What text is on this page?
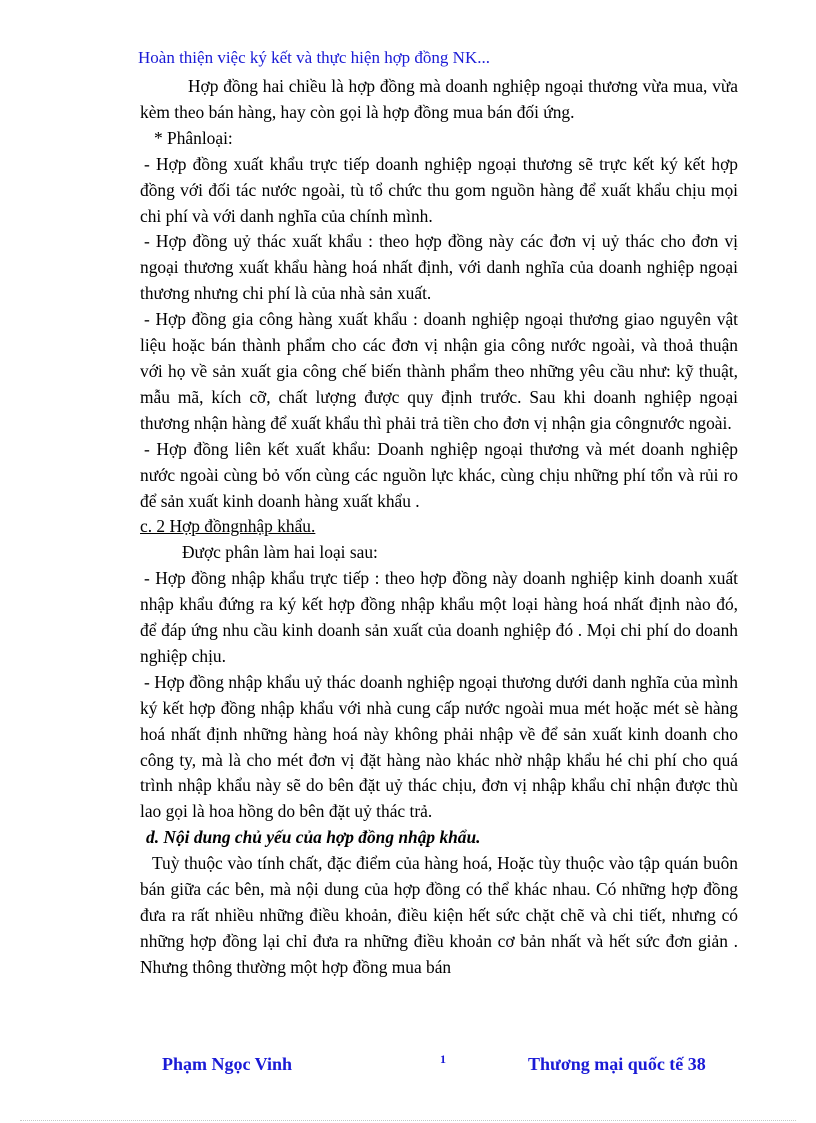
Hoàn thiện việc ký kết và thực hiện hợp đồng NK...

Hợp đồng hai chiều là hợp đồng mà doanh nghiệp ngoại thương vừa mua, vừa kèm theo bán hàng, hay còn gọi là hợp đồng mua bán đối ứng.

* Phânloại:

- Hợp đồng xuất khẩu trực tiếp doanh nghiệp ngoại thương sẽ trực kết ký kết hợp đồng với đối tác nước ngoài, tù tổ chức thu gom nguồn hàng để xuất khẩu chịu mọi chi phí và với danh nghĩa của chính mình.

- Hợp đồng uỷ thác xuất khẩu : theo hợp đồng này các đơn vị uỷ thác cho đơn vị ngoại thương xuất khẩu hàng hoá nhất định, với danh nghĩa của doanh nghiệp ngoại thương nhưng chi phí là của nhà sản xuất.

- Hợp đồng gia công hàng xuất khẩu : doanh nghiệp ngoại thương giao nguyên vật liệu hoặc bán thành phẩm cho các đơn vị nhận gia công nước ngoài, và thoả thuận với họ về sản xuất gia công chế biến thành phẩm theo những yêu cầu như: kỹ thuật, mẫu mã, kích cỡ, chất lượng được quy định trước. Sau khi doanh nghiệp ngoại thương nhận hàng để xuất khẩu thì phải trả tiền cho đơn vị nhận gia côngnước ngoài.

- Hợp đồng liên kết xuất khẩu: Doanh nghiệp ngoại thương và mét doanh nghiệp nước ngoài cùng bỏ vốn cùng các nguồn lực khác, cùng chịu những phí tổn và rủi ro để sản xuất kinh doanh hàng xuất khẩu .

c. 2 Hợp đồngnhập khẩu.

Được phân làm hai loại sau:

- Hợp đồng nhập khẩu trực tiếp : theo hợp đồng này doanh nghiệp kinh doanh xuất nhập khẩu đứng ra ký kết hợp đồng nhập khẩu một loại hàng hoá nhất định nào đó, để đáp ứng nhu cầu kinh doanh sản xuất của doanh nghiệp đó . Mọi chi phí do doanh nghiệp chịu.

- Hợp đồng nhập khẩu uỷ thác doanh nghiệp ngoại thương dưới danh nghĩa của mình ký kết hợp đồng nhập khẩu với nhà cung cấp nước ngoài mua mét hoặc mét sè hàng hoá nhất định những hàng hoá này không phải nhập về để sản xuất kinh doanh cho công ty, mà là cho mét đơn vị đặt hàng nào khác nhờ nhập khẩu hé chi phí cho quá trình nhập khẩu này sẽ do bên đặt uỷ thác chịu, đơn vị nhập khẩu chỉ nhận được thù lao gọi là hoa hồng do bên đặt uỷ thác trả.

d. Nội dung chủ yếu của hợp đồng nhập khẩu.

Tuỳ thuộc vào tính chất, đặc điểm của hàng hoá, Hoặc tùy thuộc vào tập quán buôn bán giữa các bên, mà nội dung của hợp đồng có thể khác nhau. Có những hợp đồng đưa ra rất nhiều những điều khoản, điều kiện hết sức chặt chẽ và chi tiết, nhưng có những hợp đồng lại chỉ đưa ra những điều khoản cơ bản nhất và hết sức đơn giản . Nhưng thông thường một hợp đồng mua bán

Phạm Ngọc Vinh	1	Thương mại quốc tế 38
